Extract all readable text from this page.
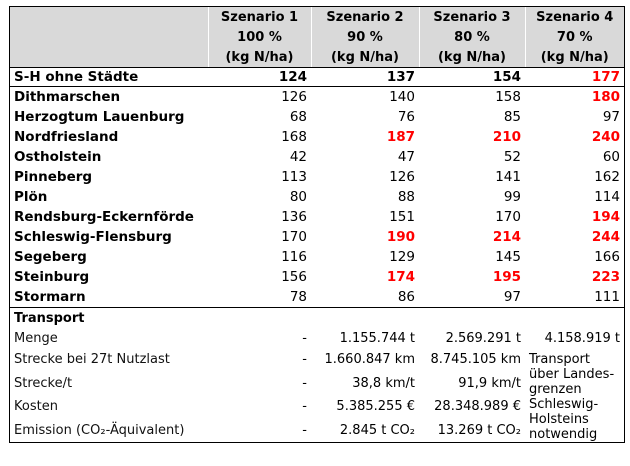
	Szenario 1	Szenario 2	Szenario 3	Szenario 4
	100 %	90 %	80 %	70 %
	(kg N/ha)	(kg N/ha)	(kg N/ha)	(kg N/ha)
S-H ohne Städte	124	137	154	177
Dithmarschen	126	140	158	180
Herzogtum Lauenburg	68	76	85	97
Nordfriesland	168	187	210	240
Ostholstein	42	47	52	60
Pinneberg	113	126	141	162
Plön	80	88	99	114
Rendsburg-Eckernförde	136	151	170	194
Schleswig-Flensburg	170	190	214	244
Segeberg	116	129	145	166
Steinburg	156	174	195	223
Stormarn	78	86	97	111
Transport				
Menge	-	1.155.744 t	2.569.291 t	4.158.919 t
Strecke bei 27t Nutzlast	-	1.660.847 km	8.745.105 km	Transport über Landes-grenzen Schleswig-Holsteins notwendig
Strecke/t	-	38,8 km/t	91,9 km/t	
Kosten	-	5.385.255 €	28.348.989 €	
Emission (CO₂-Äquivalent)	-	2.845 t CO₂	13.269 t CO₂	
